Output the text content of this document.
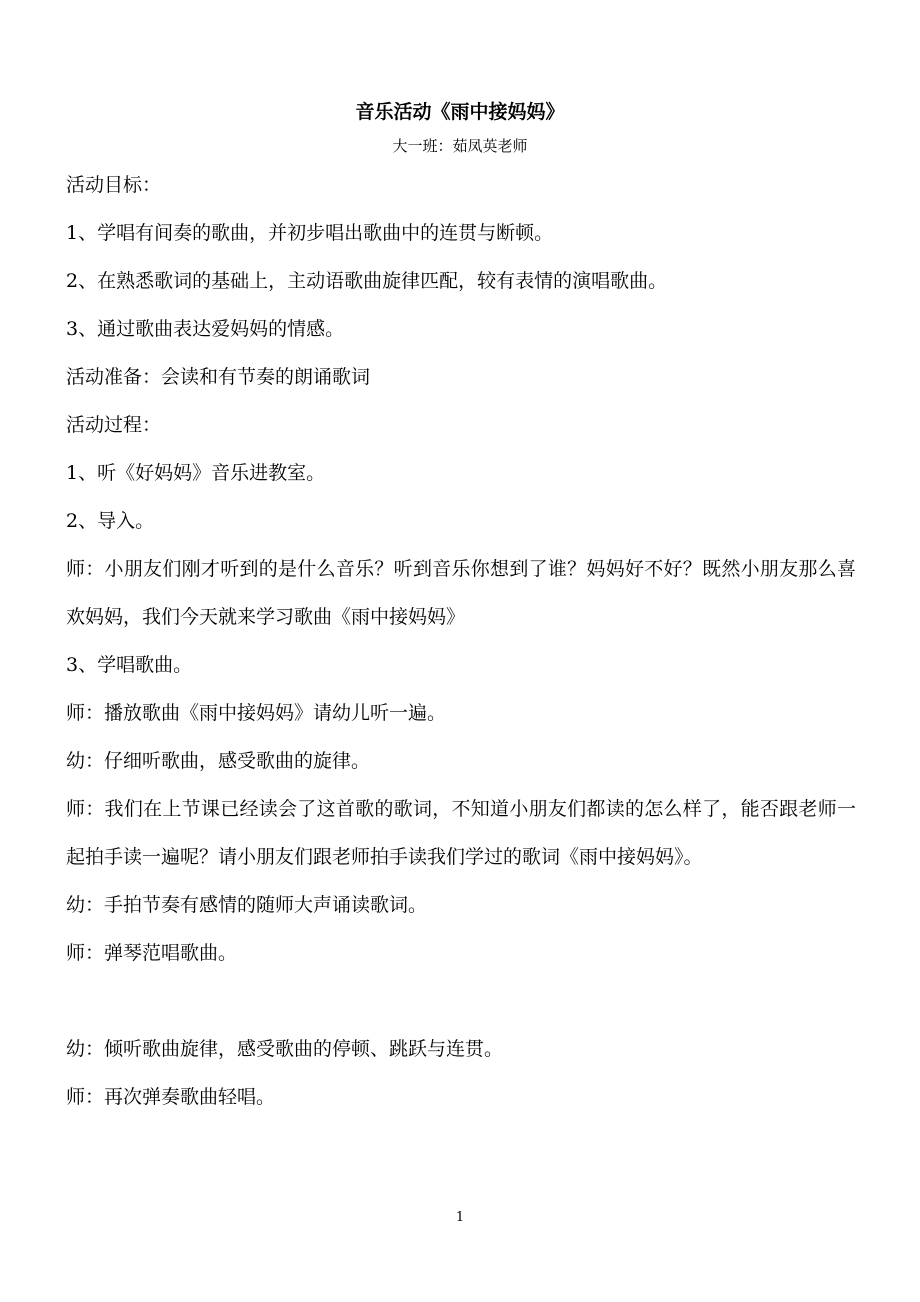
音乐活动《雨中接妈妈》
大一班：茹凤英老师

活动目标：

1、学唱有间奏的歌曲，并初步唱出歌曲中的连贯与断顿。

2、在熟悉歌词的基础上，主动语歌曲旋律匹配，较有表情的演唱歌曲。

3、通过歌曲表达爱妈妈的情感。

活动准备：会读和有节奏的朗诵歌词

活动过程：

1、听《好妈妈》音乐进教室。

2、导入。

师：小朋友们刚才听到的是什么音乐？听到音乐你想到了谁？妈妈好不好？既然小朋友那么喜欢妈妈，我们今天就来学习歌曲《雨中接妈妈》

3、学唱歌曲。

师：播放歌曲《雨中接妈妈》请幼儿听一遍。

幼：仔细听歌曲，感受歌曲的旋律。

师：我们在上节课已经读会了这首歌的歌词，不知道小朋友们都读的怎么样了，能否跟老师一起拍手读一遍呢？请小朋友们跟老师拍手读我们学过的歌词《雨中接妈妈》。

幼：手拍节奏有感情的随师大声诵读歌词。

师：弹琴范唱歌曲。

幼：倾听歌曲旋律，感受歌曲的停顿、跳跃与连贯。

师：再次弹奏歌曲轻唱。

1
